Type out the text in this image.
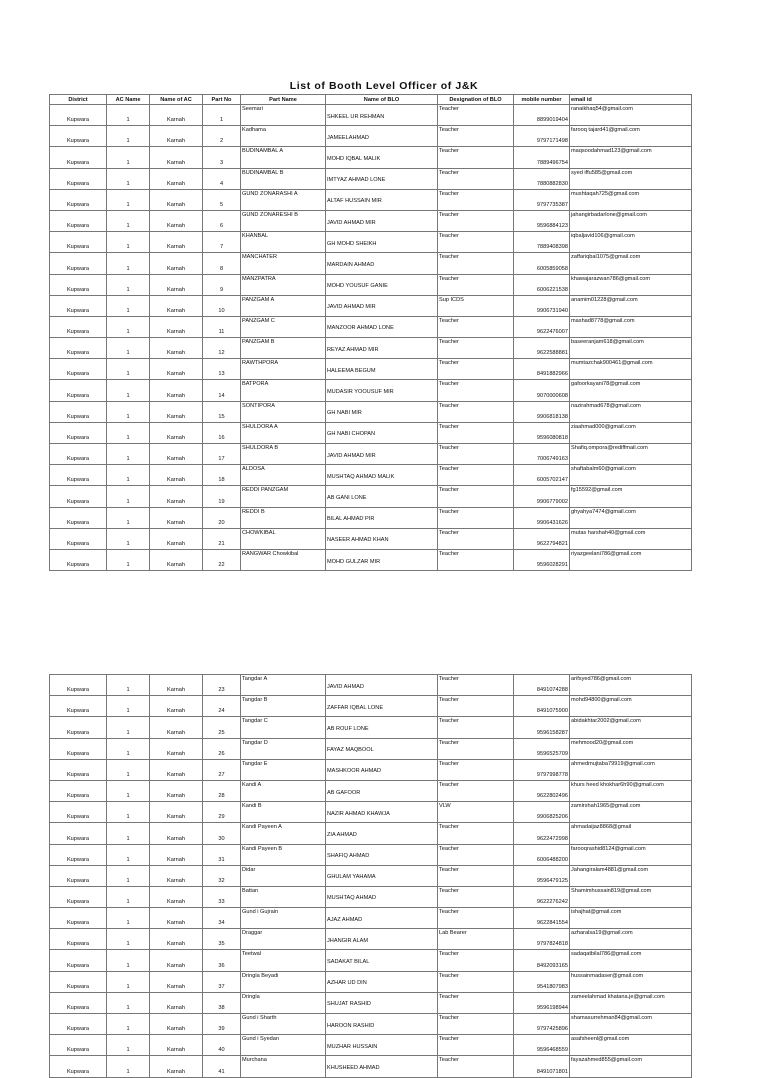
List of Booth Level Officer of J&K
District	AC Name	Name of AC	Part No	Part Name	Name of BLO	Designation of BLO	mobile number	email id
Kupwara	1	Karnah	1	Seemari	SHKEEL UR REHMAN	Teacher	8899019404	ranaikhaq54@gmail.com
Kupwara	1	Karnah	2	Kadhama	JAMEELAHMAD	Teacher	9797171498	farooq tajard41@gmail.com
Kupwara	1	Karnah	3	BUDINAMBAL A	MOHD IQBAL MALIK	Teacher	7889496754	maqsoodahmad123@gmail.com
Kupwara	1	Karnah	4	BUDINAMBAL B	IMTYAZ AHMAD LONE	Teacher	7880882830	syed iffu585@gmail.com
Kupwara	1	Karnah	5	GUND ZONARASHI A	ALTAF HUSSAIN MIR	Teacher	9797735387	mushtaqah725@gmail.com
Kupwara	1	Karnah	6	GUND ZONARESHI B	JAVID AHMAD MIR	Teacher	9596884123	jahangirbadarlone@gmail.com
Kupwara	1	Karnah	7	KHANBAL	GH MOHD SHEIKH	Teacher	7889408398	iqbaljavid106@gmail.com
Kupwara	1	Karnah	8	MANCHATER	MARDAIN AHMAD	Teacher	6005859058	zaffariqbal1075@gmail.com
Kupwara	1	Karnah	9	MANZPATRA	MOHD YOUSUF GANIE	Teacher	6006221538	khawajarazwan786@gmail.com
Kupwara	1	Karnah	10	PANZGAM A	JAVID AHMAD MIR	Sup ICDS	9906731940	anamim01228@gmail.com
Kupwara	1	Karnah	11	PANZGAM C	MANZOOR AHMAD LONE	Teacher	9622476007	mashad8778@gmail.com
Kupwara	1	Karnah	12	PANZGAM B	REYAZ AHMAD MIR	Teacher	9622588881	baseeranjam618@gmail.com
Kupwara	1	Karnah	13	RAWTHPORA	HALEEMA BEGUM	Teacher	8491882966	mumtazchak900461@gmail.com
Kupwara	1	Karnah	14	BATPORA	MUDASIR YOOUSUF MIR	Teacher	9070000608	gafoorkayani78@gmail.com
Kupwara	1	Karnah	15	SONTIPORA	GH NABI MIR	Teacher	9906818138	nazirahmad678@gmail.com
Kupwara	1	Karnah	16	SHULDORA A	GH NABI CHOPAN	Teacher	9596080818	ziaahmad000@gmail.com
Kupwara	1	Karnah	17	SHULDORA B	JAVID AHMAD MIR	Teacher	7006749163	Shafiq.ompora@rediffmail.com
Kupwara	1	Karnah	18	ALDOSA	MUSHTAQ AHMAD MALIK	Teacher	6005702147	shaftabalm60@gmail.com
Kupwara	1	Karnah	19	REDDI PANZGAM	AB GANI LONE	Teacher	9906779002	fg15592@gmail.com
Kupwara	1	Karnah	20	REDDI B	BILAL AHMAD PIR	Teacher	9906431626	ghyahya7474@gmail.com
Kupwara	1	Karnah	21	CHOWKIBAL	NASEER AHMAD KHAN	Teacher	9622794821	mutas harshah40@gmail.com
Kupwara	1	Karnah	22	RANGWAR Chowkibal	MOHD GULZAR MIR	Teacher	9596028291	riyazgeelani786@gmail.com
Kupwara	1	Karnah	23	Tangdar A	JAVID AHMAD	Teacher	8491074288	arifsyed786@gmail.com
Kupwara	1	Karnah	24	Tangdar B	ZAFFAR IQBAL LONE	Teacher	8491075900	mohd94800@gmail.com
Kupwara	1	Karnah	25	Tangdar C	AB ROUF LONE	Teacher	9596158287	abidakhtar2002@gmail.com
Kupwara	1	Karnah	26	Tangdar D	FAYAZ MAQBOOL	Teacher	9596525709	mehmood20@gmail.com
Kupwara	1	Karnah	27	Tangdar E	MASHKOOR AHMAD	Teacher	9797998778	ahmedmujtaba79919@gmail.com
Kupwara	1	Karnah	28	Kandi A	AB GAFOOR	Teacher	9622802496	khurs heed khokhar6h90@gmail.com
Kupwara	1	Karnah	29	Kandi B	NAZIR AHMAD KHAWJA	VLW	9906825206	zamirshah1965@gmail.com
Kupwara	1	Karnah	30	Kandi Payeen A	ZIA AHMAD	Teacher	9622472998	ahmadaijaz8868@gmail
Kupwara	1	Karnah	31	Kandi Payeen B	SHAFIQ AHMAD	Teacher	6006488200	farooqrashid8124@gmail.com
Kupwara	1	Karnah	32	Didar	GHULAM YAHAMA	Teacher	9596479125	Jahangiralam4881@gmail.com
Kupwara	1	Karnah	33	Battan	MUSHTAQ AHMAD	Teacher	9622276242	Shamimhussain819@gmail.com
Kupwara	1	Karnah	34	Gund i Gujrain	AJAZ AHMAD	Teacher	9622841554	ishajhat@gmail.com
Kupwara	1	Karnah	35	Draggar	JHANGIR ALAM	Lab Bearer	9797824818	azharalsa19@gmail.com
Kupwara	1	Karnah	36	Teetwal	SADAKAT BILAL	Teacher	8492093165	sadaqatbilal786@gmail.com
Kupwara	1	Karnah	37	Dringla Beyadi	AZHAR UD DIN	Teacher	9541807983	hussainmadaser@gmail.com
Kupwara	1	Karnah	38	Dringla	SHUJAT RASHID	Teacher	9596198944	zameelahmad khatana.je@gmail.com
Kupwara	1	Karnah	39	Gund i Sharth	HAROON RASHID	Teacher	9797425896	shamasurrehman84@gmail.com
Kupwara	1	Karnah	40	Gund i Syedan	MUZHAR HUSSAIN	Teacher	9596468559	asafsheenl@gmail.com
Kupwara	1	Karnah	41	Murchana	KHUSHEED AHMAD	Teacher	8491071801	fayazahmed855@gmail.com
